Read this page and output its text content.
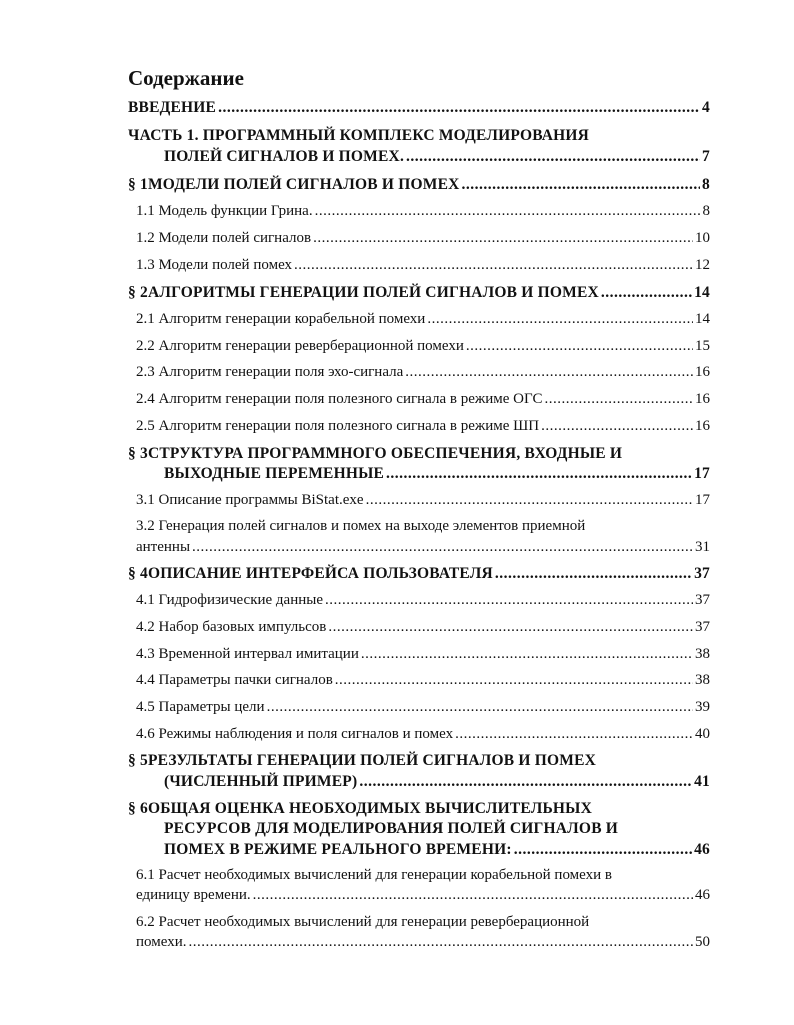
Содержание
ВВЕДЕНИЕ .....	4
ЧАСТЬ 1. ПРОГРАММНЫЙ КОМПЛЕКС МОДЕЛИРОВАНИЯ
ПОЛЕЙ СИГНАЛОВ И ПОМЕХ. .....	7
§ 1МОДЕЛИ ПОЛЕЙ СИГНАЛОВ И ПОМЕХ .....	8
1.1 Модель функции Грина. .....	8
1.2 Модели полей сигналов .....	10
1.3 Модели полей помех .....	12
§ 2АЛГОРИТМЫ ГЕНЕРАЦИИ ПОЛЕЙ СИГНАЛОВ И ПОМЕХ .....	14
2.1 Алгоритм генерации корабельной помехи .....	14
2.2 Алгоритм генерации реверберационной помехи .....	15
2.3 Алгоритм генерации поля эхо-сигнала .....	16
2.4 Алгоритм генерации поля полезного сигнала в режиме ОГС .....	16
2.5 Алгоритм генерации поля полезного сигнала в режиме ШП .....	16
§ 3СТРУКТУРА ПРОГРАММНОГО ОБЕСПЕЧЕНИЯ, ВХОДНЫЕ И
ВЫХОДНЫЕ ПЕРЕМЕННЫЕ .....	17
3.1 Описание программы BiStat.exe .....	17
3.2 Генерация полей сигналов и помех на выходе элементов приемной
антенны .....	31
§ 4ОПИСАНИЕ ИНТЕРФЕЙСА ПОЛЬЗОВАТЕЛЯ .....	37
4.1 Гидрофизические данные .....	37
4.2 Набор базовых импульсов .....	37
4.3 Временной интервал имитации .....	38
4.4 Параметры пачки сигналов .....	38
4.5 Параметры цели .....	39
4.6 Режимы наблюдения и поля сигналов и помех .....	40
§ 5РЕЗУЛЬТАТЫ ГЕНЕРАЦИИ ПОЛЕЙ СИГНАЛОВ И ПОМЕХ
(ЧИСЛЕННЫЙ ПРИМЕР) .....	41
§ 6ОБЩАЯ ОЦЕНКА НЕОБХОДИМЫХ ВЫЧИСЛИТЕЛЬНЫХ
РЕСУРСОВ ДЛЯ МОДЕЛИРОВАНИЯ ПОЛЕЙ СИГНАЛОВ И
ПОМЕХ В РЕЖИМЕ РЕАЛЬНОГО ВРЕМЕНИ: .....	46
6.1 Расчет необходимых вычислений для генерации корабельной помехи в
единицу времени. .....	46
6.2 Расчет необходимых вычислений для генерации реверберационной
помехи. .....	50
